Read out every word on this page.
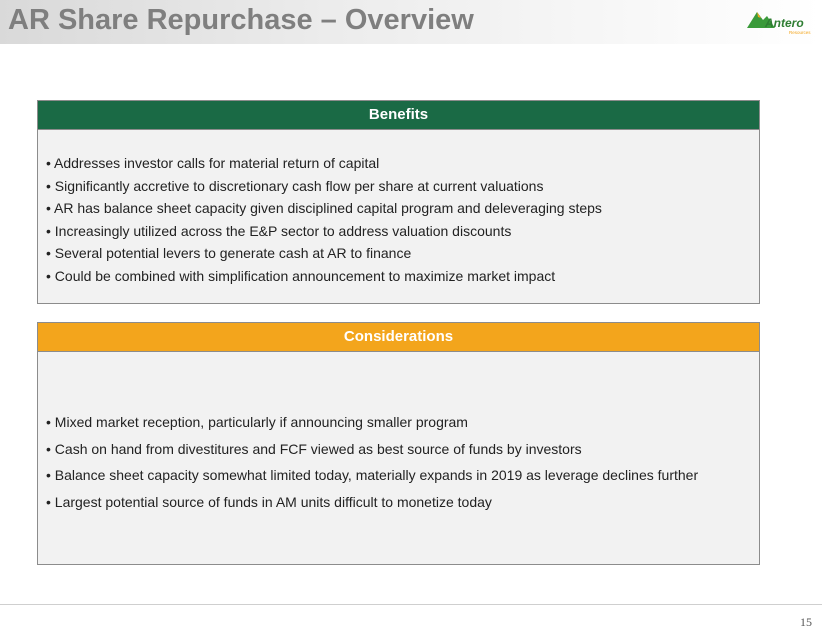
AR Share Repurchase – Overview	Antero
Resources
Benefits
• Addresses investor calls for material return of capital
• Significantly accretive to discretionary cash flow per share at current valuations
• AR has balance sheet capacity given disciplined capital program and deleveraging steps
• Increasingly utilized across the E&P sector to address valuation discounts
• Several potential levers to generate cash at AR to finance
• Could be combined with simplification announcement to maximize market impact
Considerations
• Mixed market reception, particularly if announcing smaller program
• Cash on hand from divestitures and FCF viewed as best source of funds by investors
• Balance sheet capacity somewhat limited today, materially expands in 2019 as leverage declines further
• Largest potential source of funds in AM units difficult to monetize today
15
